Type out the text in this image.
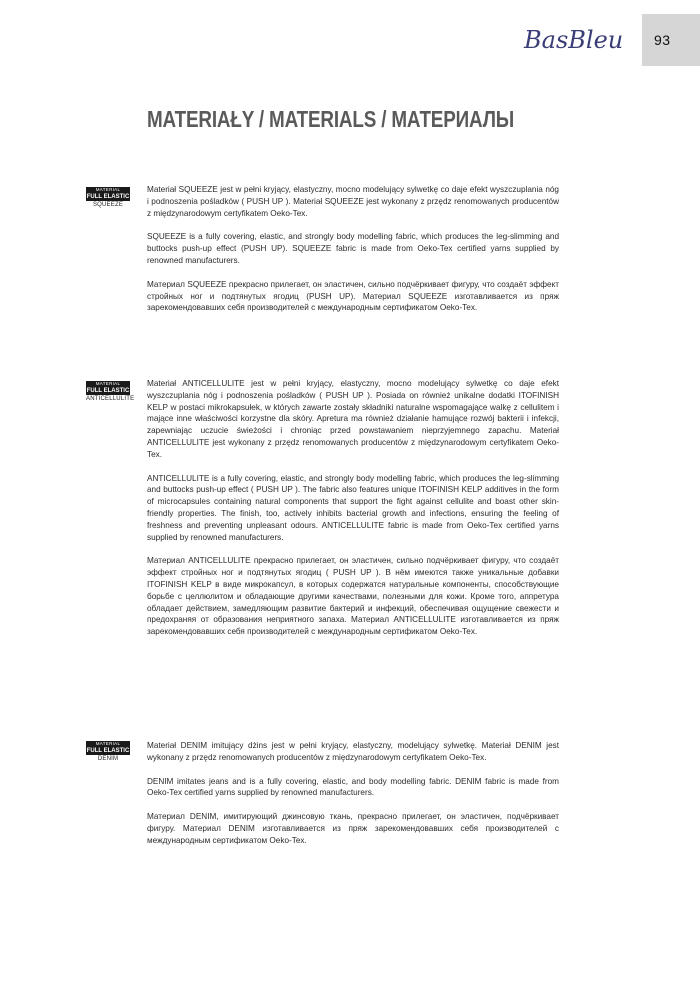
BasBleu 93
MATERIAŁY / MATERIALS / МАТЕРИАЛЫ
MATERIAL
FULL ELASTIC
SQUEEZE

Materiał SQUEEZE jest w pełni kryjący, elastyczny, mocno modelujący sylwetkę co daje efekt wyszczuplania nóg i podnoszenia pośladków ( PUSH UP ). Materiał SQUEEZE jest wykonany z przędz renomowanych producentów z międzynarodowym certyfikatem Oeko-Tex.

SQUEEZE is a fully covering, elastic, and strongly body modelling fabric, which produces the leg-slimming and buttocks push-up effect (PUSH UP). SQUEEZE fabric is made from Oeko-Tex certified yarns supplied by renowned manufacturers.

Материал SQUEEZE прекрасно прилегает, он эластичен, сильно подчёркивает фигуру, что создаёт эффект стройных ног и подтянутых ягодиц (PUSH UP). Материал SQUEEZE изготавливается из пряж зарекомендовавших себя производителей с международным сертификатом Oeko-Tex.

MATERIAL
FULL ELASTIC
ANTICELLULITE

Materiał ANTICELLULITE jest w pełni kryjący, elastyczny, mocno modelujący sylwetkę co daje efekt wyszczuplania nóg i podnoszenia pośladków ( PUSH UP ). Posiada on również unikalne dodatki ITOFINISH KELP w postaci mikrokapsułek, w których zawarte zostały składniki naturalne wspomagające walkę z cellulitem i mające inne właściwości korzystne dla skóry. Apretura ma również działanie hamujące rozwój bakterii i infekcji, zapewniając uczucie świeżości i chroniąc przed powstawaniem nieprzyjemnego zapachu. Materiał ANTICELLULITE jest wykonany z przędz renomowanych producentów z międzynarodowym certyfikatem Oeko-Tex.

ANTICELLULITE is a fully covering, elastic, and strongly body modelling fabric, which produces the leg-slimming and buttocks push-up effect ( PUSH UP ). The fabric also features unique ITOFINISH KELP additives in the form of microcapsules containing natural components that support the fight against cellulite and boast other skin-friendly properties. The finish, too, actively inhibits bacterial growth and infections, ensuring the feeling of freshness and preventing unpleasant odours. ANTICELLULITE fabric is made from Oeko-Tex certified yarns supplied by renowned manufacturers.

Материал ANTICELLULITE прекрасно прилегает, он эластичен, сильно подчёркивает фигуру, что создаёт эффект стройных ног и подтянутых ягодиц ( PUSH UP ). В нём имеются также уникальные добавки ITOFINISH KELP в виде микрокапсул, в которых содержатся натуральные компоненты, способствующие борьбе с целлюлитом и обладающие другими качествами, полезными для кожи. Кроме того, аппретура обладает действием, замедляющим развитие бактерий и инфекций, обеспечивая ощущение свежести и предохраняя от образования неприятного запаха. Материал ANTICELLULITE изготавливается из пряж зарекомендовавших себя производителей с международным сертификатом Oeko-Tex.

MATERIAL
FULL ELASTIC
DENIM

Materiał DENIM imitujący dżins jest w pełni kryjący, elastyczny, modelujący sylwetkę. Materiał DENIM jest wykonany z przędz renomowanych producentów z międzynarodowym certyfikatem Oeko-Tex.

DENIM imitates jeans and is a fully covering, elastic, and body modelling fabric. DENIM fabric is made from Oeko-Tex certified yarns supplied by renowned manufacturers.

Материал DENIM, имитирующий джинсовую ткань, прекрасно прилегает, он эластичен, подчёркивает фигуру. Материал DENIM изготавливается из пряж зарекомендовавших себя производителей с международным сертификатом Oeko-Tex.
